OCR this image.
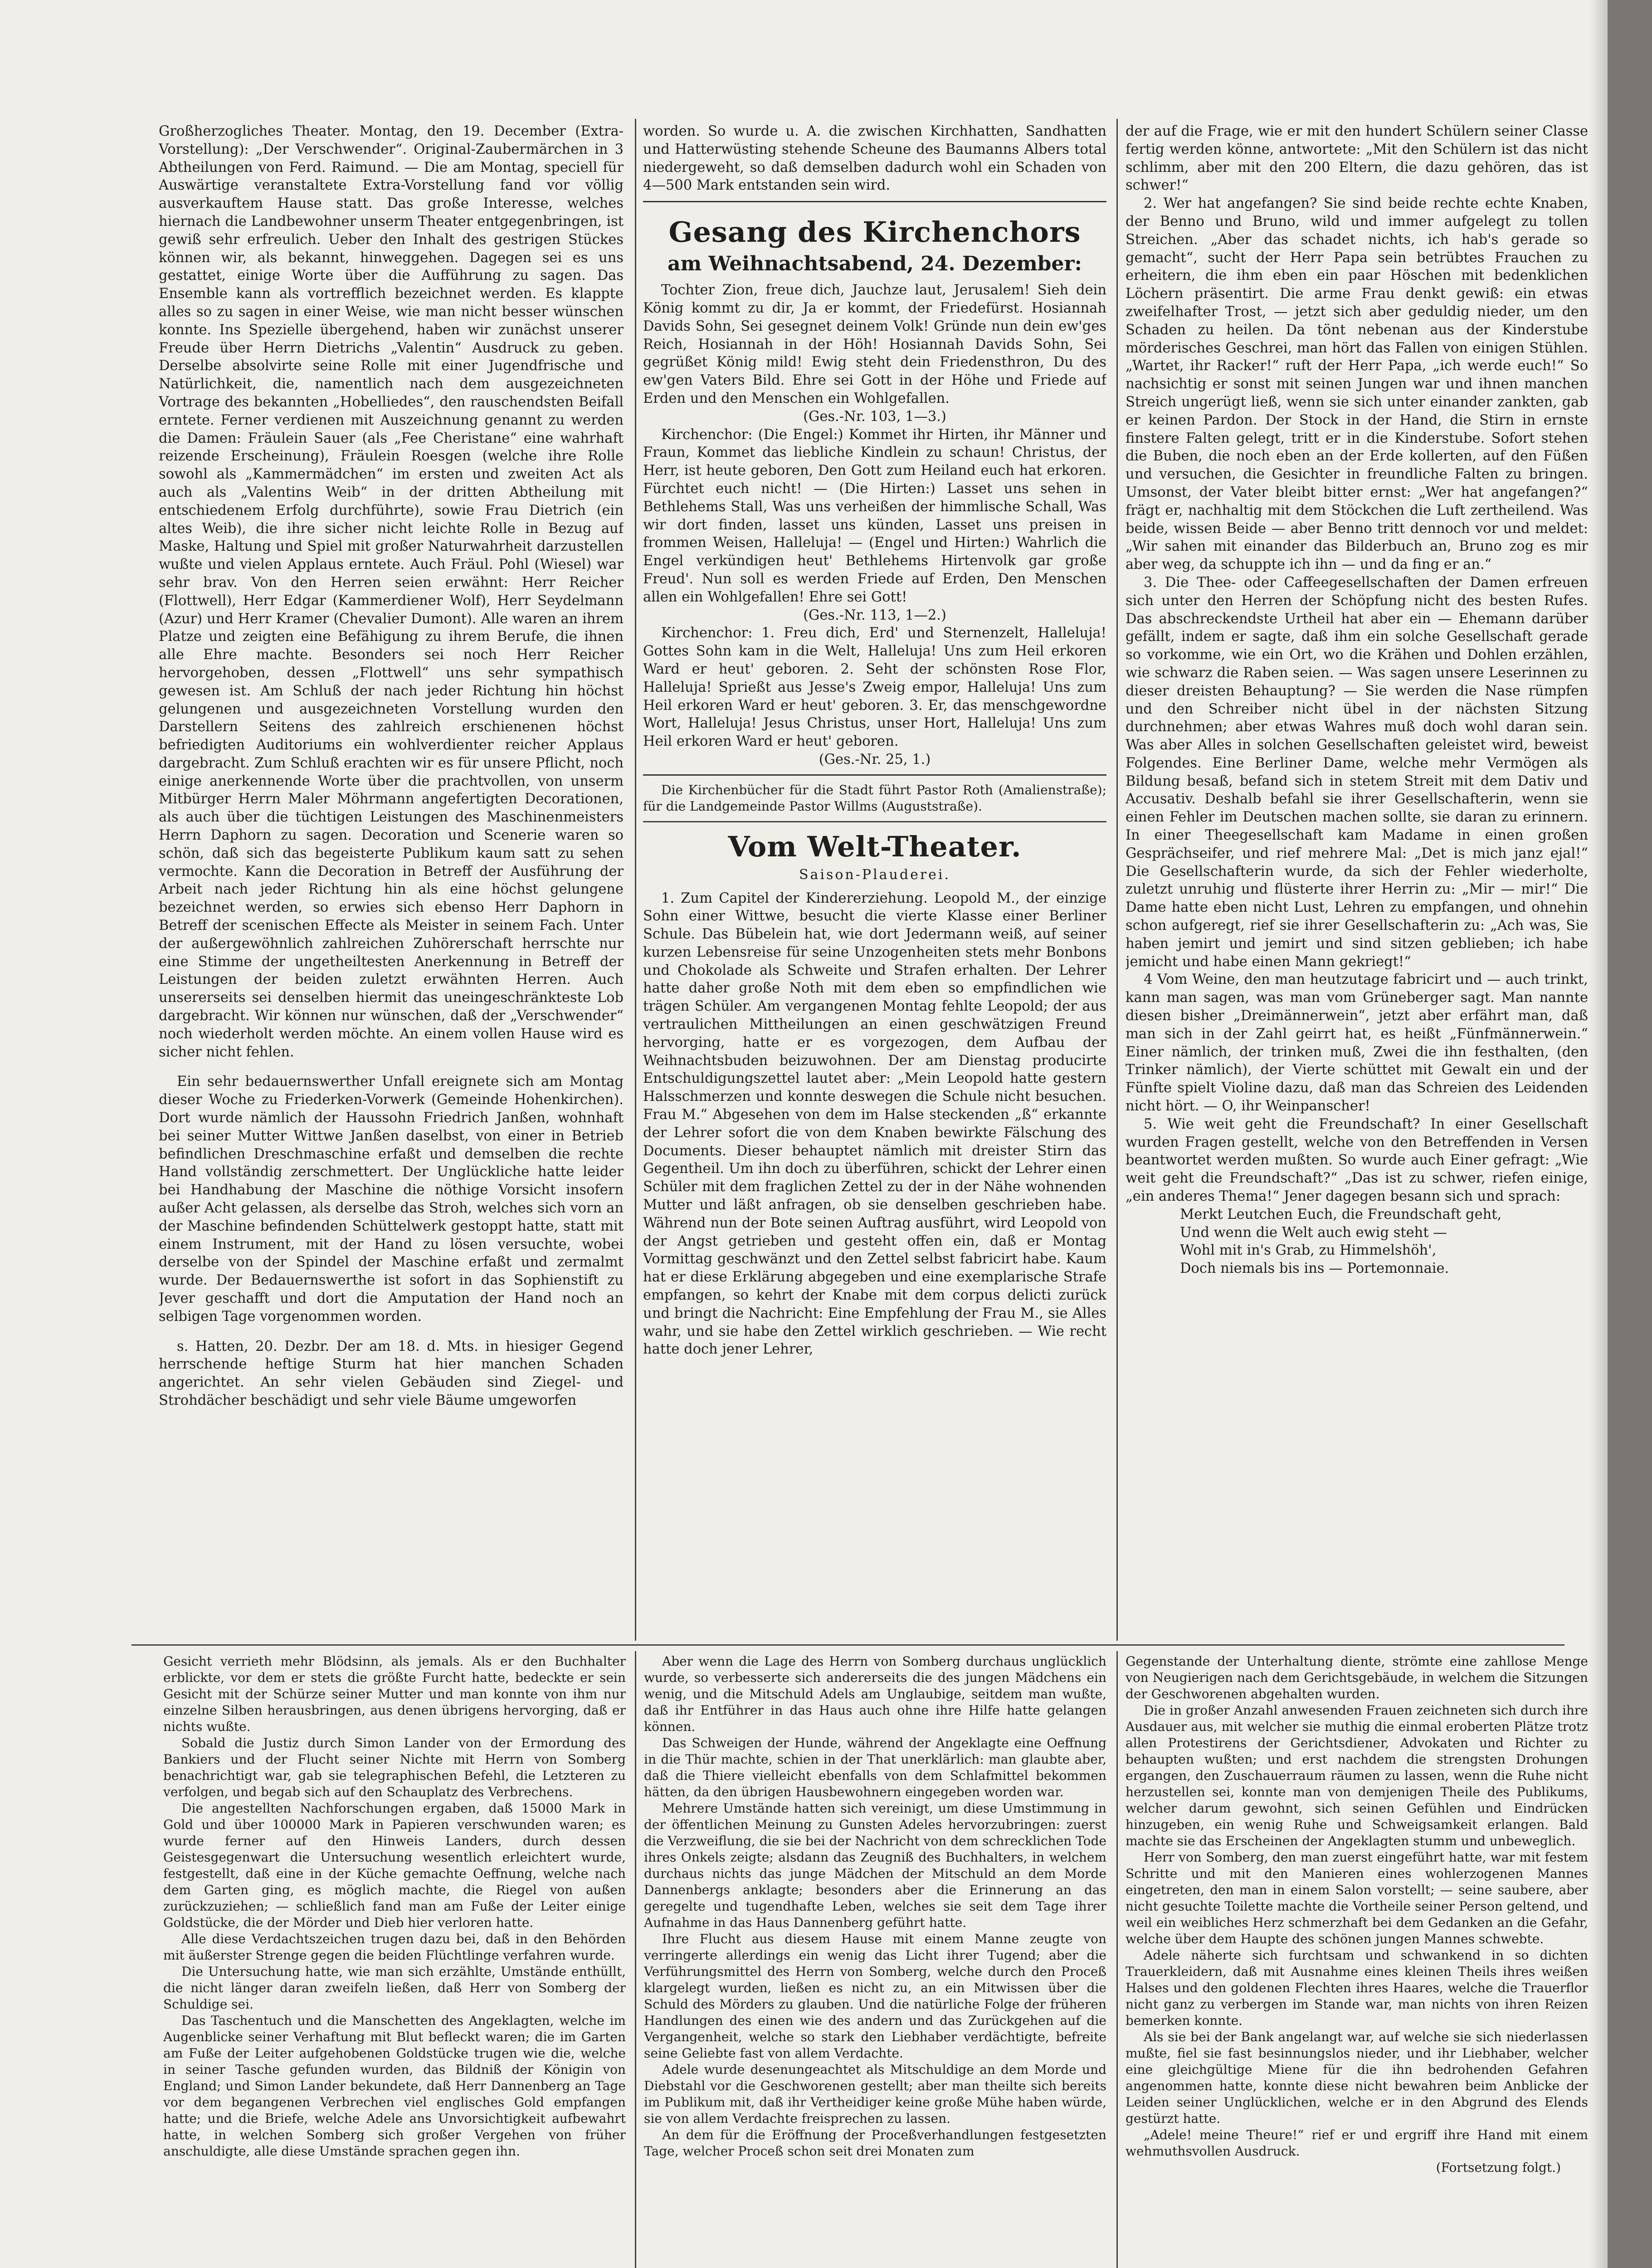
Großherzogliches Theater. Montag, den 19. December (Extra-Vorstellung): „Der Verschwender“. Original-Zaubermärchen in 3 Abtheilungen von Ferd. Raimund. — Die am Montag, speciell für Auswärtige veranstaltete Extra-Vorstellung fand vor völlig ausverkauftem Hause statt. Das große Interesse, welches hiernach die Landbewohner unserm Theater entgegenbringen, ist gewiß sehr erfreulich. Ueber den Inhalt des gestrigen Stückes können wir, als bekannt, hinweggehen. Dagegen sei es uns gestattet, einige Worte über die Aufführung zu sagen. Das Ensemble kann als vortrefflich bezeichnet werden. Es klappte alles so zu sagen in einer Weise, wie man nicht besser wünschen konnte. Ins Spezielle übergehend, haben wir zunächst unserer Freude über Herrn Dietrichs „Valentin“ Ausdruck zu geben. Derselbe absolvirte seine Rolle mit einer Jugendfrische und Natürlichkeit, die, namentlich nach dem ausgezeichneten Vortrage des bekannten „Hobelliedes“, den rauschendsten Beifall erntete. Ferner verdienen mit Auszeichnung genannt zu werden die Damen: Fräulein Sauer (als „Fee Cheristane“ eine wahrhaft reizende Erscheinung), Fräulein Roesgen (welche ihre Rolle sowohl als „Kammermädchen“ im ersten und zweiten Act als auch als „Valentins Weib“ in der dritten Abtheilung mit entschiedenem Erfolg durchführte), sowie Frau Dietrich (ein altes Weib), die ihre sicher nicht leichte Rolle in Bezug auf Maske, Haltung und Spiel mit großer Naturwahrheit darzustellen wußte und vielen Applaus erntete. Auch Fräul. Pohl (Wiesel) war sehr brav. Von den Herren seien erwähnt: Herr Reicher (Flottwell), Herr Edgar (Kammerdiener Wolf), Herr Seydelmann (Azur) und Herr Kramer (Chevalier Dumont). Alle waren an ihrem Platze und zeigten eine Befähigung zu ihrem Berufe, die ihnen alle Ehre machte. Besonders sei noch Herr Reicher hervorgehoben, dessen „Flottwell“ uns sehr sympathisch gewesen ist. Am Schluß der nach jeder Richtung hin höchst gelungenen und ausgezeichneten Vorstellung wurden den Darstellern Seitens des zahlreich erschienenen höchst befriedigten Auditoriums ein wohlverdienter reicher Applaus dargebracht. Zum Schluß erachten wir es für unsere Pflicht, noch einige anerkennende Worte über die prachtvollen, von unserm Mitbürger Herrn Maler Möhrmann angefertigten Decorationen, als auch über die tüchtigen Leistungen des Maschinenmeisters Herrn Daphorn zu sagen. Decoration und Scenerie waren so schön, daß sich das begeisterte Publikum kaum satt zu sehen vermochte. Kann die Decoration in Betreff der Ausführung der Arbeit nach jeder Richtung hin als eine höchst gelungene bezeichnet werden, so erwies sich ebenso Herr Daphorn in Betreff der scenischen Effecte als Meister in seinem Fach. Unter der außergewöhnlich zahlreichen Zuhörerschaft herrschte nur eine Stimme der ungetheiltesten Anerkennung in Betreff der Leistungen der beiden zuletzt erwähnten Herren. Auch unsererseits sei denselben hiermit das uneingeschränkteste Lob dargebracht. Wir können nur wünschen, daß der „Verschwender“ noch wiederholt werden möchte. An einem vollen Hause wird es sicher nicht fehlen.

Ein sehr bedauernswerther Unfall ereignete sich am Montag dieser Woche zu Friederken-Vorwerk (Gemeinde Hohenkirchen). Dort wurde nämlich der Haussohn Friedrich Janßen, wohnhaft bei seiner Mutter Wittwe Janßen daselbst, von einer in Betrieb befindlichen Dreschmaschine erfaßt und demselben die rechte Hand vollständig zerschmettert. Der Unglückliche hatte leider bei Handhabung der Maschine die nöthige Vorsicht insofern außer Acht gelassen, als derselbe das Stroh, welches sich vorn an der Maschine befindenden Schüttelwerk gestoppt hatte, statt mit einem Instrument, mit der Hand zu lösen versuchte, wobei derselbe von der Spindel der Maschine erfaßt und zermalmt wurde. Der Bedauernswerthe ist sofort in das Sophienstift zu Jever geschafft und dort die Amputation der Hand noch an selbigen Tage vorgenommen worden.

s. Hatten, 20. Dezbr. Der am 18. d. Mts. in hiesiger Gegend herrschende heftige Sturm hat hier manchen Schaden angerichtet. An sehr vielen Gebäuden sind Ziegel- und Strohdächer beschädigt und sehr viele Bäume umgeworfen

worden. So wurde u. A. die zwischen Kirchhatten, Sandhatten und Hatterwüsting stehende Scheune des Baumanns Albers total niedergeweht, so daß demselben dadurch wohl ein Schaden von 4—500 Mark entstanden sein wird.

Gesang des Kirchenchors
am Weihnachtsabend, 24. Dezember:

Tochter Zion, freue dich, Jauchze laut, Jerusalem! Sieh dein König kommt zu dir, Ja er kommt, der Friedefürst. Hosiannah Davids Sohn, Sei gesegnet deinem Volk! Gründe nun dein ew'ges Reich, Hosiannah in der Höh! Hosiannah Davids Sohn, Sei gegrüßet König mild! Ewig steht dein Friedensthron, Du des ew'gen Vaters Bild. Ehre sei Gott in der Höhe und Friede auf Erden und den Menschen ein Wohlgefallen.

(Ges.-Nr. 103, 1—3.)

Kirchenchor: (Die Engel:) Kommet ihr Hirten, ihr Männer und Fraun, Kommet das liebliche Kindlein zu schaun! Christus, der Herr, ist heute geboren, Den Gott zum Heiland euch hat erkoren. Fürchtet euch nicht! — (Die Hirten:) Lasset uns sehen in Bethlehems Stall, Was uns verheißen der himmlische Schall, Was wir dort finden, lasset uns künden, Lasset uns preisen in frommen Weisen, Halleluja! — (Engel und Hirten:) Wahrlich die Engel verkündigen heut' Bethlehems Hirtenvolk gar große Freud'. Nun soll es werden Friede auf Erden, Den Menschen allen ein Wohlgefallen! Ehre sei Gott!

(Ges.-Nr. 113, 1—2.)

Kirchenchor: 1. Freu dich, Erd' und Sternenzelt, Halleluja! Gottes Sohn kam in die Welt, Halleluja! Uns zum Heil erkoren Ward er heut' geboren. 2. Seht der schönsten Rose Flor, Halleluja! Sprießt aus Jesse's Zweig empor, Halleluja! Uns zum Heil erkoren Ward er heut' geboren. 3. Er, das menschgewordne Wort, Halleluja! Jesus Christus, unser Hort, Halleluja! Uns zum Heil erkoren Ward er heut' geboren.

(Ges.-Nr. 25, 1.)

Die Kirchenbücher für die Stadt führt Pastor Roth (Amalienstraße); für die Landgemeinde Pastor Willms (Auguststraße).

Vom Welt-Theater.
Saison-Plauderei.

1. Zum Capitel der Kindererziehung. Leopold M., der einzige Sohn einer Wittwe, besucht die vierte Klasse einer Berliner Schule. Das Bübelein hat, wie dort Jedermann weiß, auf seiner kurzen Lebensreise für seine Unzogenheiten stets mehr Bonbons und Chokolade als Schweite und Strafen erhalten. Der Lehrer hatte daher große Noth mit dem eben so empfindlichen wie trägen Schüler. Am vergangenen Montag fehlte Leopold; der aus vertraulichen Mittheilungen an einen geschwätzigen Freund hervorging, hatte er es vorgezogen, dem Aufbau der Weihnachtsbuden beizuwohnen. Der am Dienstag producirte Entschuldigungszettel lautet aber: „Mein Leopold hatte gestern Halsschmerzen und konnte deswegen die Schule nicht besuchen. Frau M.“ Abgesehen von dem im Halse steckenden „ß“ erkannte der Lehrer sofort die von dem Knaben bewirkte Fälschung des Documents. Dieser behauptet nämlich mit dreister Stirn das Gegentheil. Um ihn doch zu überführen, schickt der Lehrer einen Schüler mit dem fraglichen Zettel zu der in der Nähe wohnenden Mutter und läßt anfragen, ob sie denselben geschrieben habe. Während nun der Bote seinen Auftrag ausführt, wird Leopold von der Angst getrieben und gesteht offen ein, daß er Montag Vormittag geschwänzt und den Zettel selbst fabricirt habe. Kaum hat er diese Erklärung abgegeben und eine exemplarische Strafe empfangen, so kehrt der Knabe mit dem corpus delicti zurück und bringt die Nachricht: Eine Empfehlung der Frau M., sie Alles wahr, und sie habe den Zettel wirklich geschrieben. — Wie recht hatte doch jener Lehrer,

der auf die Frage, wie er mit den hundert Schülern seiner Classe fertig werden könne, antwortete: „Mit den Schülern ist das nicht schlimm, aber mit den 200 Eltern, die dazu gehören, das ist schwer!“

2. Wer hat angefangen? Sie sind beide rechte echte Knaben, der Benno und Bruno, wild und immer aufgelegt zu tollen Streichen. „Aber das schadet nichts, ich hab's gerade so gemacht“, sucht der Herr Papa sein betrübtes Frauchen zu erheitern, die ihm eben ein paar Höschen mit bedenklichen Löchern präsentirt. Die arme Frau denkt gewiß: ein etwas zweifelhafter Trost, — jetzt sich aber geduldig nieder, um den Schaden zu heilen. Da tönt nebenan aus der Kinderstube mörderisches Geschrei, man hört das Fallen von einigen Stühlen. „Wartet, ihr Racker!“ ruft der Herr Papa, „ich werde euch!“ So nachsichtig er sonst mit seinen Jungen war und ihnen manchen Streich ungerügt ließ, wenn sie sich unter einander zankten, gab er keinen Pardon. Der Stock in der Hand, die Stirn in ernste finstere Falten gelegt, tritt er in die Kinderstube. Sofort stehen die Buben, die noch eben an der Erde kollerten, auf den Füßen und versuchen, die Gesichter in freundliche Falten zu bringen. Umsonst, der Vater bleibt bitter ernst: „Wer hat angefangen?“ frägt er, nachhaltig mit dem Stöckchen die Luft zertheilend. Was beide, wissen Beide — aber Benno tritt dennoch vor und meldet: „Wir sahen mit einander das Bilderbuch an, Bruno zog es mir aber weg, da schuppte ich ihn — und da fing er an.“

3. Die Thee- oder Caffeegesellschaften der Damen erfreuen sich unter den Herren der Schöpfung nicht des besten Rufes. Das abschreckendste Urtheil hat aber ein — Ehemann darüber gefällt, indem er sagte, daß ihm ein solche Gesellschaft gerade so vorkomme, wie ein Ort, wo die Krähen und Dohlen erzählen, wie schwarz die Raben seien. — Was sagen unsere Leserinnen zu dieser dreisten Behauptung? — Sie werden die Nase rümpfen und den Schreiber nicht übel in der nächsten Sitzung durchnehmen; aber etwas Wahres muß doch wohl daran sein. Was aber Alles in solchen Gesellschaften geleistet wird, beweist Folgendes. Eine Berliner Dame, welche mehr Vermögen als Bildung besaß, befand sich in stetem Streit mit dem Dativ und Accusativ. Deshalb befahl sie ihrer Gesellschafterin, wenn sie einen Fehler im Deutschen machen sollte, sie daran zu erinnern. In einer Theegesellschaft kam Madame in einen großen Gesprächseifer, und rief mehrere Mal: „Det is mich janz ejal!“ Die Gesellschafterin wurde, da sich der Fehler wiederholte, zuletzt unruhig und flüsterte ihrer Herrin zu: „Mir — mir!“ Die Dame hatte eben nicht Lust, Lehren zu empfangen, und ohnehin schon aufgeregt, rief sie ihrer Gesellschafterin zu: „Ach was, Sie haben jemirt und jemirt und sind sitzen geblieben; ich habe jemicht und habe einen Mann gekriegt!“

4 Vom Weine, den man heutzutage fabricirt und — auch trinkt, kann man sagen, was man vom Grüneberger sagt. Man nannte diesen bisher „Dreimännerwein“, jetzt aber erfährt man, daß man sich in der Zahl geirrt hat, es heißt „Fünfmännerwein.“ Einer nämlich, der trinken muß, Zwei die ihn festhalten, (den Trinker nämlich), der Vierte schüttet mit Gewalt ein und der Fünfte spielt Violine dazu, daß man das Schreien des Leidenden nicht hört. — O, ihr Weinpanscher!

5. Wie weit geht die Freundschaft? In einer Gesellschaft wurden Fragen gestellt, welche von den Betreffenden in Versen beantwortet werden mußten. So wurde auch Einer gefragt: „Wie weit geht die Freundschaft?“ „Das ist zu schwer, riefen einige, „ein anderes Thema!“ Jener dagegen besann sich und sprach:

Merkt Leutchen Euch, die Freundschaft geht,

Und wenn die Welt auch ewig steht —

Wohl mit in's Grab, zu Himmelshöh',

Doch niemals bis ins — Portemonnaie.

Gesicht verrieth mehr Blödsinn, als jemals. Als er den Buchhalter erblickte, vor dem er stets die größte Furcht hatte, bedeckte er sein Gesicht mit der Schürze seiner Mutter und man konnte von ihm nur einzelne Silben herausbringen, aus denen übrigens hervorging, daß er nichts wußte.

Sobald die Justiz durch Simon Lander von der Ermordung des Bankiers und der Flucht seiner Nichte mit Herrn von Somberg benachrichtigt war, gab sie telegraphischen Befehl, die Letzteren zu verfolgen, und begab sich auf den Schauplatz des Verbrechens.

Die angestellten Nachforschungen ergaben, daß 15000 Mark in Gold und über 100000 Mark in Papieren verschwunden waren; es wurde ferner auf den Hinweis Landers, durch dessen Geistesgegenwart die Untersuchung wesentlich erleichtert wurde, festgestellt, daß eine in der Küche gemachte Oeffnung, welche nach dem Garten ging, es möglich machte, die Riegel von außen zurückzuziehen; — schließlich fand man am Fuße der Leiter einige Goldstücke, die der Mörder und Dieb hier verloren hatte.

Alle diese Verdachtszeichen trugen dazu bei, daß in den Behörden mit äußerster Strenge gegen die beiden Flüchtlinge verfahren wurde.

Die Untersuchung hatte, wie man sich erzählte, Umstände enthüllt, die nicht länger daran zweifeln ließen, daß Herr von Somberg der Schuldige sei.

Das Taschentuch und die Manschetten des Angeklagten, welche im Augenblicke seiner Verhaftung mit Blut befleckt waren; die im Garten am Fuße der Leiter aufgehobenen Goldstücke trugen wie die, welche in seiner Tasche gefunden wurden, das Bildniß der Königin von England; und Simon Lander bekundete, daß Herr Dannenberg an Tage vor dem begangenen Verbrechen viel englisches Gold empfangen hatte; und die Briefe, welche Adele ans Unvorsichtigkeit aufbewahrt hatte, in welchen Somberg sich großer Vergehen von früher anschuldigte, alle diese Umstände sprachen gegen ihn.

Aber wenn die Lage des Herrn von Somberg durchaus unglücklich wurde, so verbesserte sich andererseits die des jungen Mädchens ein wenig, und die Mitschuld Adels am Unglaubige, seitdem man wußte, daß ihr Entführer in das Haus auch ohne ihre Hilfe hatte gelangen können.

Das Schweigen der Hunde, während der Angeklagte eine Oeffnung in die Thür machte, schien in der That unerklärlich: man glaubte aber, daß die Thiere vielleicht ebenfalls von dem Schlafmittel bekommen hätten, da den übrigen Hausbewohnern eingegeben worden war.

Mehrere Umstände hatten sich vereinigt, um diese Umstimmung in der öffentlichen Meinung zu Gunsten Adeles hervorzubringen: zuerst die Verzweiflung, die sie bei der Nachricht von dem schrecklichen Tode ihres Onkels zeigte; alsdann das Zeugniß des Buchhalters, in welchem durchaus nichts das junge Mädchen der Mitschuld an dem Morde Dannenbergs anklagte; besonders aber die Erinnerung an das geregelte und tugendhafte Leben, welches sie seit dem Tage ihrer Aufnahme in das Haus Dannenberg geführt hatte.

Ihre Flucht aus diesem Hause mit einem Manne zeugte von verringerte allerdings ein wenig das Licht ihrer Tugend; aber die Verführungsmittel des Herrn von Somberg, welche durch den Proceß klargelegt wurden, ließen es nicht zu, an ein Mitwissen über die Schuld des Mörders zu glauben. Und die natürliche Folge der früheren Handlungen des einen wie des andern und das Zurückgehen auf die Vergangenheit, welche so stark den Liebhaber verdächtigte, befreite seine Geliebte fast von allem Verdachte.

Adele wurde desenungeachtet als Mitschuldige an dem Morde und Diebstahl vor die Geschworenen gestellt; aber man theilte sich bereits im Publikum mit, daß ihr Vertheidiger keine große Mühe haben würde, sie von allem Verdachte freisprechen zu lassen.

An dem für die Eröffnung der Proceßverhandlungen festgesetzten Tage, welcher Proceß schon seit drei Monaten zum

Gegenstande der Unterhaltung diente, strömte eine zahllose Menge von Neugierigen nach dem Gerichtsgebäude, in welchem die Sitzungen der Geschworenen abgehalten wurden.

Die in großer Anzahl anwesenden Frauen zeichneten sich durch ihre Ausdauer aus, mit welcher sie muthig die einmal eroberten Plätze trotz allen Protestirens der Gerichtsdiener, Advokaten und Richter zu behaupten wußten; und erst nachdem die strengsten Drohungen ergangen, den Zuschauerraum räumen zu lassen, wenn die Ruhe nicht herzustellen sei, konnte man von demjenigen Theile des Publikums, welcher darum gewohnt, sich seinen Gefühlen und Eindrücken hinzugeben, ein wenig Ruhe und Schweigsamkeit erlangen. Bald machte sie das Erscheinen der Angeklagten stumm und unbeweglich.

Herr von Somberg, den man zuerst eingeführt hatte, war mit festem Schritte und mit den Manieren eines wohlerzogenen Mannes eingetreten, den man in einem Salon vorstellt; — seine saubere, aber nicht gesuchte Toilette machte die Vortheile seiner Person geltend, und weil ein weibliches Herz schmerzhaft bei dem Gedanken an die Gefahr, welche über dem Haupte des schönen jungen Mannes schwebte.

Adele näherte sich furchtsam und schwankend in so dichten Trauerkleidern, daß mit Ausnahme eines kleinen Theils ihres weißen Halses und den goldenen Flechten ihres Haares, welche die Trauerflor nicht ganz zu verbergen im Stande war, man nichts von ihren Reizen bemerken konnte.

Als sie bei der Bank angelangt war, auf welche sie sich niederlassen mußte, fiel sie fast besinnungslos nieder, und ihr Liebhaber, welcher eine gleichgültige Miene für die ihn bedrohenden Gefahren angenommen hatte, konnte diese nicht bewahren beim Anblicke der Leiden seiner Unglücklichen, welche er in den Abgrund des Elends gestürzt hatte.

„Adele! meine Theure!“ rief er und ergriff ihre Hand mit einem wehmuthsvollen Ausdruck.

(Fortsetzung folgt.)
